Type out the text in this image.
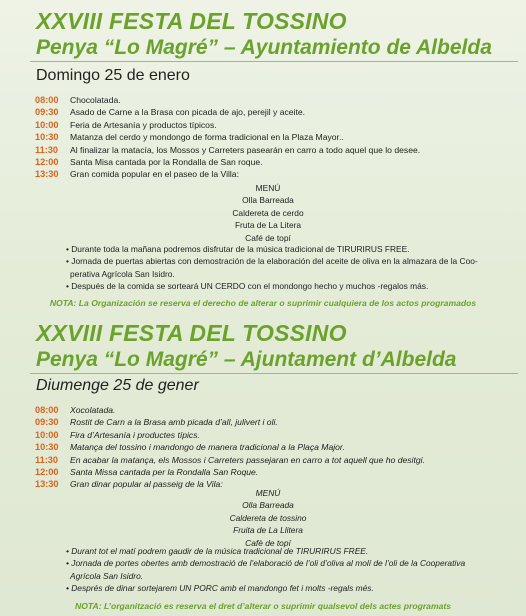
XXVIII FESTA DEL TOSSINO
Penya “Lo Magré” – Ayuntamiento de Albelda
Domingo 25 de enero
08:00	Chocolatada.
09:30	Asado de Carne a la Brasa con picada de ajo, perejil y aceite.
10:00	Feria de Artesanía y productos típicos.
10:30	Matanza del cerdo y mondongo de forma tradicional en la Plaza Mayor..
11:30	Al finalizar la matacía, los Mossos y Carreters pasearán en carro a todo aquel que lo desee.
12:00	Santa Misa cantada por la Rondalla de San roque.
13:30	Gran comida popular en el paseo de la Villa:
MENÚ
Olla Barreada
Caldereta de cerdo
Fruta de La Litera
Café de topí
• Durante toda la mañana podremos disfrutar de la música tradicional de TIRURIRUS FREE.
• Jornada de puertas abiertas con demostración de la elaboración del aceite de oliva en la almazara de la Coo-
perativa Agrícola San Isidro.
• Después de la comida se sorteará UN CERDO con el mondongo hecho y muchos -regalos más.
NOTA: La Organización se reserva el derecho de alterar o suprimir cualquiera de los actos programados
XXVIII FESTA DEL TOSSINO
Penya “Lo Magré” – Ajuntament d’Albelda
Diumenge 25 de gener
08:00	Xocolatada.
09:30	Rostit de Carn a la Brasa amb picada d’all, julivert i oli.
10:00	Fira d’Artesanía i productes típics.
10:30	Matança del tossino i mandongo de manera tradicional a la Plaça Major.
11:30	En acabar la matança, els Mossos i Carreters passejaran en carro a tot aquell que ho desitgi.
12:00	Santa Missa cantada per la Rondalla San Roque.
13:30	Gran dinar popular al passeig de la Vila:
MENÚ
Olla Barreada
Caldereta de tossino
Fruita de La Llitera
Cafè de topí
• Durant tot el matí podrem gaudir de la música tradicional de TIRURIRUS FREE.
• Jornada de portes obertes amb demostració de l’elaboració de l’oli d’oliva al molí de l’oli de la Cooperativa
Agrícola San Isidro.
• Després de dinar sortejarem UN PORC amb el mandongo fet i molts -regals més.
NOTA: L’organització es reserva el dret d’alterar o suprimir qualsevol dels actes programats
